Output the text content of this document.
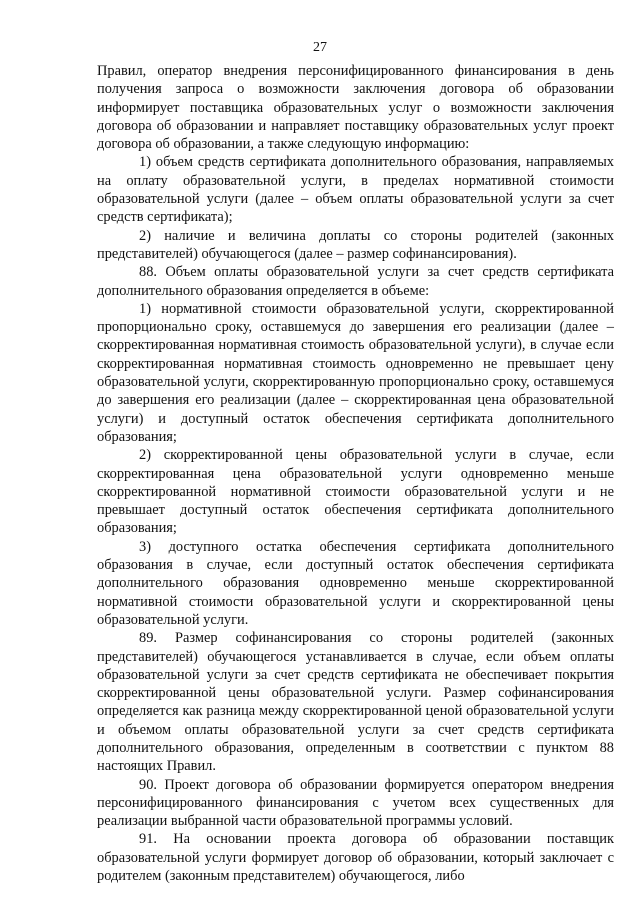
27

Правил, оператор внедрения персонифицированного финансирования в день получения запроса о возможности заключения договора об образовании информирует поставщика образовательных услуг о возможности заключения договора об образовании и направляет поставщику образовательных услуг проект договора об образовании, а также следующую информацию:

1) объем средств сертификата дополнительного образования, направляемых на оплату образовательной услуги, в пределах нормативной стоимости образовательной услуги (далее – объем оплаты образовательной услуги за счет средств сертификата);

2) наличие и величина доплаты со стороны родителей (законных представителей) обучающегося (далее – размер софинансирования).

88. Объем оплаты образовательной услуги за счет средств сертификата дополнительного образования определяется в объеме:

1) нормативной стоимости образовательной услуги, скорректированной пропорционально сроку, оставшемуся до завершения его реализации (далее – скорректированная нормативная стоимость образовательной услуги), в случае если скорректированная нормативная стоимость одновременно не превышает цену образовательной услуги, скорректированную пропорционально сроку, оставшемуся до завершения его реализации (далее – скорректированная цена образовательной услуги) и доступный остаток обеспечения сертификата дополнительного образования;

2) скорректированной цены образовательной услуги в случае, если скорректированная цена образовательной услуги одновременно меньше скорректированной нормативной стоимости образовательной услуги и не превышает доступный остаток обеспечения сертификата дополнительного образования;

3) доступного остатка обеспечения сертификата дополнительного образования в случае, если доступный остаток обеспечения сертификата дополнительного образования одновременно меньше скорректированной нормативной стоимости образовательной услуги и скорректированной цены образовательной услуги.

89. Размер софинансирования со стороны родителей (законных представителей) обучающегося устанавливается в случае, если объем оплаты образовательной услуги за счет средств сертификата не обеспечивает покрытия скорректированной цены образовательной услуги. Размер софинансирования определяется как разница между скорректированной ценой образовательной услуги и объемом оплаты образовательной услуги за счет средств сертификата дополнительного образования, определенным в соответствии с пунктом 88 настоящих Правил.

90. Проект договора об образовании формируется оператором внедрения персонифицированного финансирования с учетом всех существенных для реализации выбранной части образовательной программы условий.

91. На основании проекта договора об образовании поставщик образовательной услуги формирует договор об образовании, который заключает с родителем (законным представителем) обучающегося, либо
